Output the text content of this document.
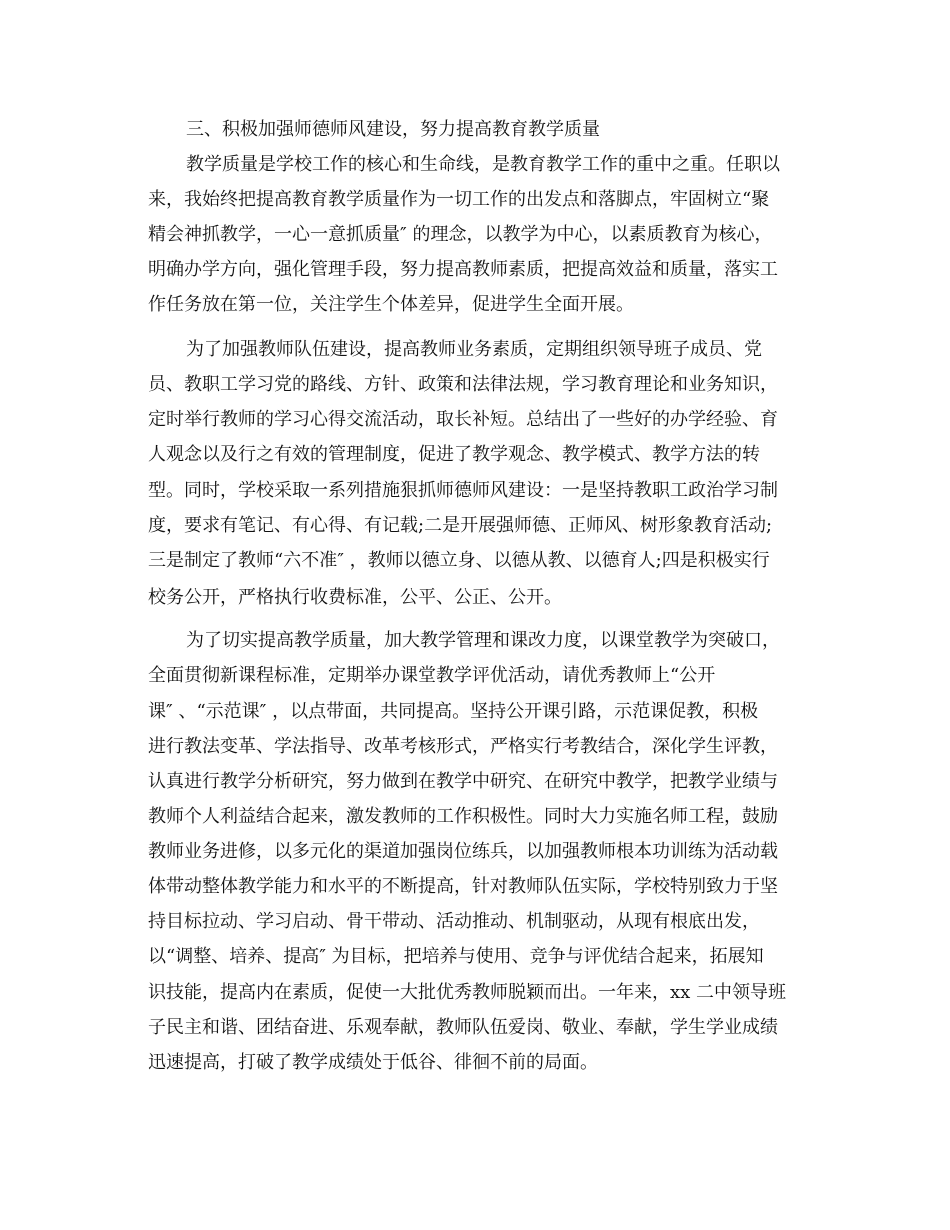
三、积极加强师德师风建设，努力提高教育教学质量
教学质量是学校工作的核心和生命线，是教育教学工作的重中之重。任职以
来，我始终把提高教育教学质量作为一切工作的出发点和落脚点，牢固树立“聚
精会神抓教学，一心一意抓质量″ 的理念，以教学为中心，以素质教育为核心，
明确办学方向，强化管理手段，努力提高教师素质，把提高效益和质量，落实工
作任务放在第一位，关注学生个体差异，促进学生全面开展。
为了加强教师队伍建设，提高教师业务素质，定期组织领导班子成员、党
员、教职工学习党的路线、方针、政策和法律法规，学习教育理论和业务知识，
定时举行教师的学习心得交流活动，取长补短。总结出了一些好的办学经验、育
人观念以及行之有效的管理制度，促进了教学观念、教学模式、教学方法的转
型。同时，学校采取一系列措施狠抓师德师风建设：一是坚持教职工政治学习制
度，要求有笔记、有心得、有记载;二是开展强师德、正师风、树形象教育活动;
三是制定了教师“六不准″ ，教师以德立身、以德从教、以德育人;四是积极实行
校务公开，严格执行收费标准，公平、公正、公开。
为了切实提高教学质量，加大教学管理和课改力度，以课堂教学为突破口，
全面贯彻新课程标准，定期举办课堂教学评优活动，请优秀教师上“公开
课″ 、“示范课″ ，以点带面，共同提高。坚持公开课引路，示范课促教，积极
进行教法变革、学法指导、改革考核形式，严格实行考教结合，深化学生评教，
认真进行教学分析研究，努力做到在教学中研究、在研究中教学，把教学业绩与
教师个人利益结合起来，激发教师的工作积极性。同时大力实施名师工程，鼓励
教师业务进修，以多元化的渠道加强岗位练兵，以加强教师根本功训练为活动载
体带动整体教学能力和水平的不断提高，针对教师队伍实际，学校特别致力于坚
持目标拉动、学习启动、骨干带动、活动推动、机制驱动，从现有根底出发，
以“调整、培养、提高″ 为目标，把培养与使用、竞争与评优结合起来，拓展知
识技能，提高内在素质，促使一大批优秀教师脱颖而出。一年来，xx 二中领导班
子民主和谐、团结奋进、乐观奉献，教师队伍爱岗、敬业、奉献，学生学业成绩
迅速提高，打破了教学成绩处于低谷、徘徊不前的局面。
